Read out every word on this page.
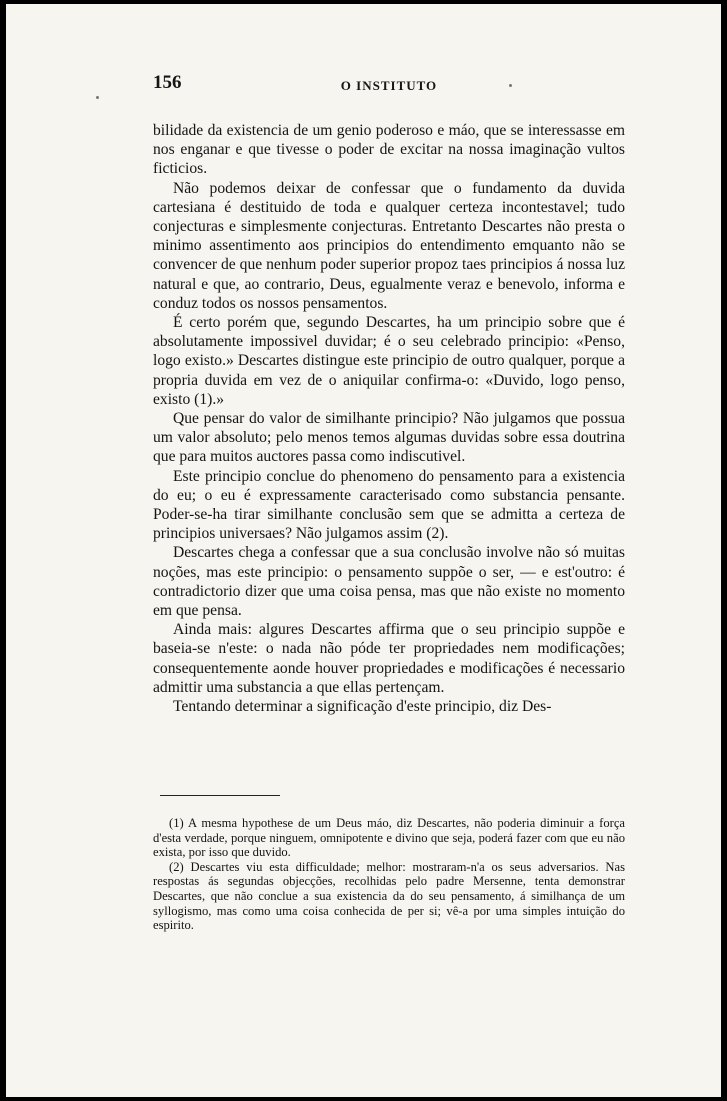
156	O INSTITUTO

bilidade da existencia de um genio poderoso e máo, que se interessasse em nos enganar e que tivesse o poder de excitar na nossa imaginação vultos ficticios.

Não podemos deixar de confessar que o fundamento da duvida cartesiana é destituido de toda e qualquer certeza incontestavel; tudo conjecturas e simplesmente conjecturas. Entretanto Descartes não presta o minimo assentimento aos principios do entendimento emquanto não se convencer de que nenhum poder superior propoz taes principios á nossa luz natural e que, ao contrario, Deus, egualmente veraz e benevolo, informa e conduz todos os nossos pensamentos.

É certo porém que, segundo Descartes, ha um principio sobre que é absolutamente impossivel duvidar; é o seu celebrado principio: «Penso, logo existo.» Descartes distingue este principio de outro qualquer, porque a propria duvida em vez de o aniquilar confirma-o: «Duvido, logo penso, existo (1).»

Que pensar do valor de similhante principio? Não julgamos que possua um valor absoluto; pelo menos temos algumas duvidas sobre essa doutrina que para muitos auctores passa como indiscutivel.

Este principio conclue do phenomeno do pensamento para a existencia do eu; o eu é expressamente caracterisado como substancia pensante. Poder-se-ha tirar similhante conclusão sem que se admitta a certeza de principios universaes? Não julgamos assim (2).

Descartes chega a confessar que a sua conclusão involve não só muitas noções, mas este principio: o pensamento suppõe o ser, — e est'outro: é contradictorio dizer que uma coisa pensa, mas que não existe no momento em que pensa.

Ainda mais: algures Descartes affirma que o seu principio suppõe e baseia-se n'este: o nada não póde ter propriedades nem modificações; consequentemente aonde houver propriedades e modificações é necessario admittir uma substancia a que ellas pertençam.

Tentando determinar a significação d'este principio, diz Des-

(1) A mesma hypothese de um Deus máo, diz Descartes, não poderia diminuir a força d'esta verdade, porque ninguem, omnipotente e divino que seja, poderá fazer com que eu não exista, por isso que duvido.

(2) Descartes viu esta difficuldade; melhor: mostraram-n'a os seus adversarios. Nas respostas ás segundas objecções, recolhidas pelo padre Mersenne, tenta demonstrar Descartes, que não conclue a sua existencia da do seu pensamento, á similhança de um syllogismo, mas como uma coisa conhecida de per si; vê-a por uma simples intuição do espirito.
